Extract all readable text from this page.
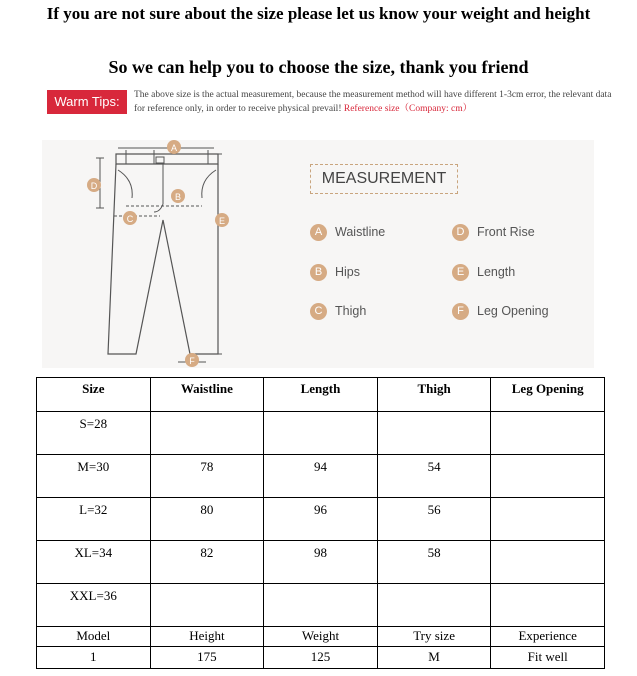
If you are not sure about the size please let us know your weight and height
So we can help you to choose the size, thank you friend
Warm Tips:	The above size is the actual measurement, because the measurement method will have different 1-3cm error, the relevant data for reference only, in order to receive physical prevail! Reference size（Company: cm）
A
B
C
D
E
F
MEASUREMENT
A	Waistline	D	Front Rise
B	Hips	E	Length
C	Thigh	F	Leg Opening
Size	Waistline	Length	Thigh	Leg Opening
S=28				
M=30	78	94	54	
L=32	80	96	56	
XL=34	82	98	58	
XXL=36				
Model	Height	Weight	Try size	Experience
1	175	125	M	Fit well
